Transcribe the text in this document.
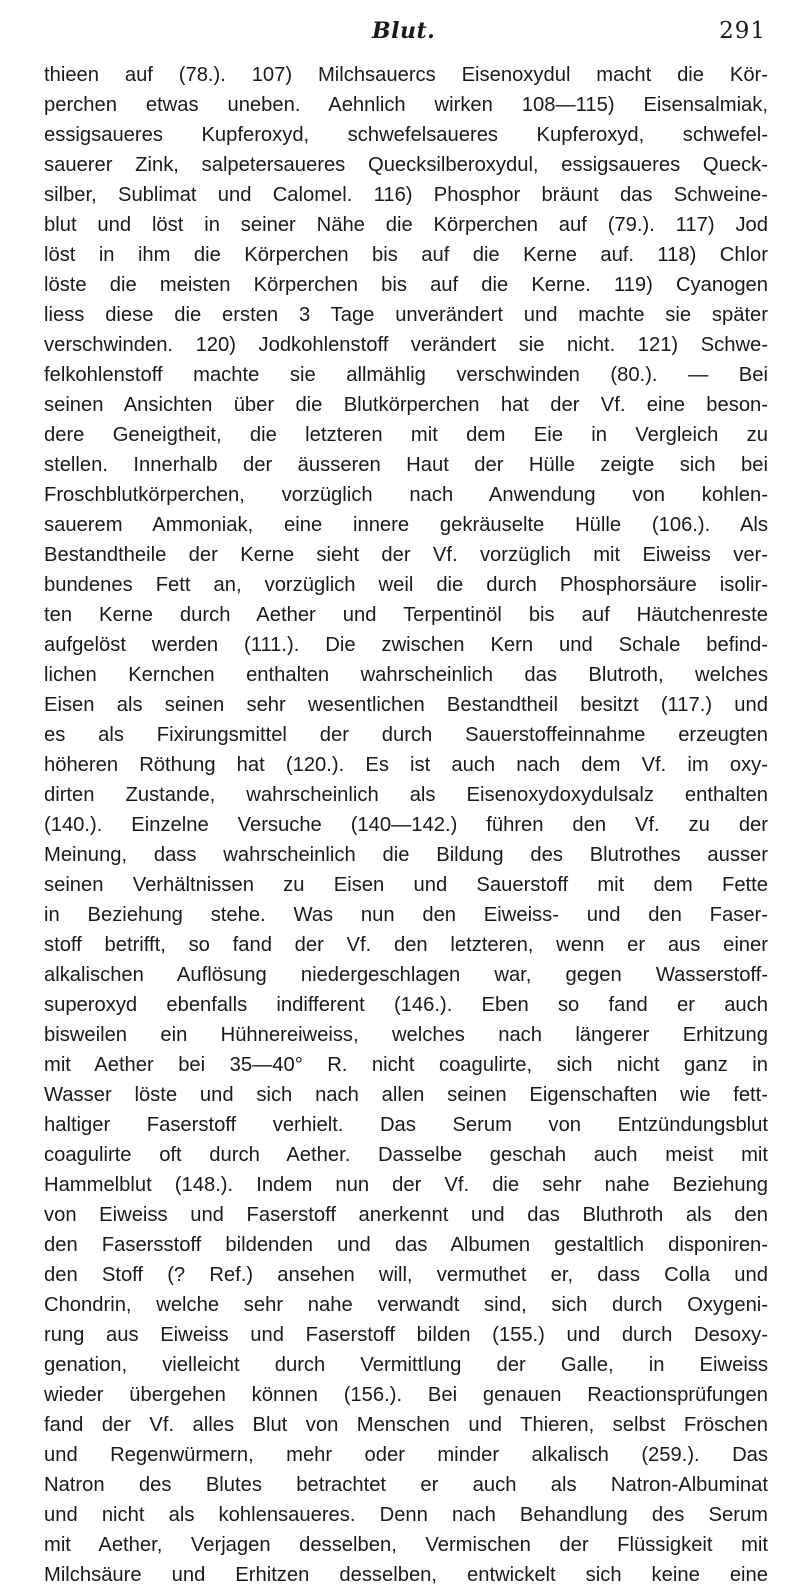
Blut.	291
thieen auf (78.). 107) Milchsauercs Eisenoxydul macht die Kör-
perchen etwas uneben. Aehnlich wirken 108—115) Eisensalmiak,
essigsaueres Kupferoxyd, schwefelsaueres Kupferoxyd, schwefel-
sauerer Zink, salpetersaueres Quecksilberoxydul, essigsaueres Queck-
silber, Sublimat und Calomel. 116) Phosphor bräunt das Schweine-
blut und löst in seiner Nähe die Körperchen auf (79.). 117) Jod
löst in ihm die Körperchen bis auf die Kerne auf. 118) Chlor
löste die meisten Körperchen bis auf die Kerne. 119) Cyanogen
liess diese die ersten 3 Tage unverändert und machte sie später
verschwinden. 120) Jodkohlenstoff verändert sie nicht. 121) Schwe-
felkohlenstoff machte sie allmählig verschwinden (80.). — Bei
seinen Ansichten über die Blutkörperchen hat der Vf. eine beson-
dere Geneigtheit, die letzteren mit dem Eie in Vergleich zu
stellen. Innerhalb der äusseren Haut der Hülle zeigte sich bei
Froschblutkörperchen, vorzüglich nach Anwendung von kohlen-
sauerem Ammoniak, eine innere gekräuselte Hülle (106.). Als
Bestandtheile der Kerne sieht der Vf. vorzüglich mit Eiweiss ver-
bundenes Fett an, vorzüglich weil die durch Phosphorsäure isolir-
ten Kerne durch Aether und Terpentinöl bis auf Häutchenreste
aufgelöst werden (111.). Die zwischen Kern und Schale befind-
lichen Kernchen enthalten wahrscheinlich das Blutroth, welches
Eisen als seinen sehr wesentlichen Bestandtheil besitzt (117.) und
es als Fixirungsmittel der durch Sauerstoffeinnahme erzeugten
höheren Röthung hat (120.). Es ist auch nach dem Vf. im oxy-
dirten Zustande, wahrscheinlich als Eisenoxydoxydulsalz enthalten
(140.). Einzelne Versuche (140—142.) führen den Vf. zu der
Meinung, dass wahrscheinlich die Bildung des Blutrothes ausser
seinen Verhältnissen zu Eisen und Sauerstoff mit dem Fette
in Beziehung stehe. Was nun den Eiweiss- und den Faser-
stoff betrifft, so fand der Vf. den letzteren, wenn er aus einer
alkalischen Auflösung niedergeschlagen war, gegen Wasserstoff-
superoxyd ebenfalls indifferent (146.). Eben so fand er auch
bisweilen ein Hühnereiweiss, welches nach längerer Erhitzung
mit Aether bei 35—40° R. nicht coagulirte, sich nicht ganz in
Wasser löste und sich nach allen seinen Eigenschaften wie fett-
haltiger Faserstoff verhielt. Das Serum von Entzündungsblut
coagulirte oft durch Aether. Dasselbe geschah auch meist mit
Hammelblut (148.). Indem nun der Vf. die sehr nahe Beziehung
von Eiweiss und Faserstoff anerkennt und das Bluthroth als den
den Fasersstoff bildenden und das Albumen gestaltlich disponiren-
den Stoff (? Ref.) ansehen will, vermuthet er, dass Colla und
Chondrin, welche sehr nahe verwandt sind, sich durch Oxygeni-
rung aus Eiweiss und Faserstoff bilden (155.) und durch Desoxy-
genation, vielleicht durch Vermittlung der Galle, in Eiweiss
wieder übergehen können (156.). Bei genauen Reactionsprüfungen
fand der Vf. alles Blut von Menschen und Thieren, selbst Fröschen
und Regenwürmern, mehr oder minder alkalisch (259.). Das
Natron des Blutes betrachtet er auch als Natron-Albuminat
und nicht als kohlensaueres. Denn nach Behandlung des Serum
mit Aether, Verjagen desselben, Vermischen der Flüssigkeit mit
Milchsäure und Erhitzen desselben, entwickelt sich keine eine
